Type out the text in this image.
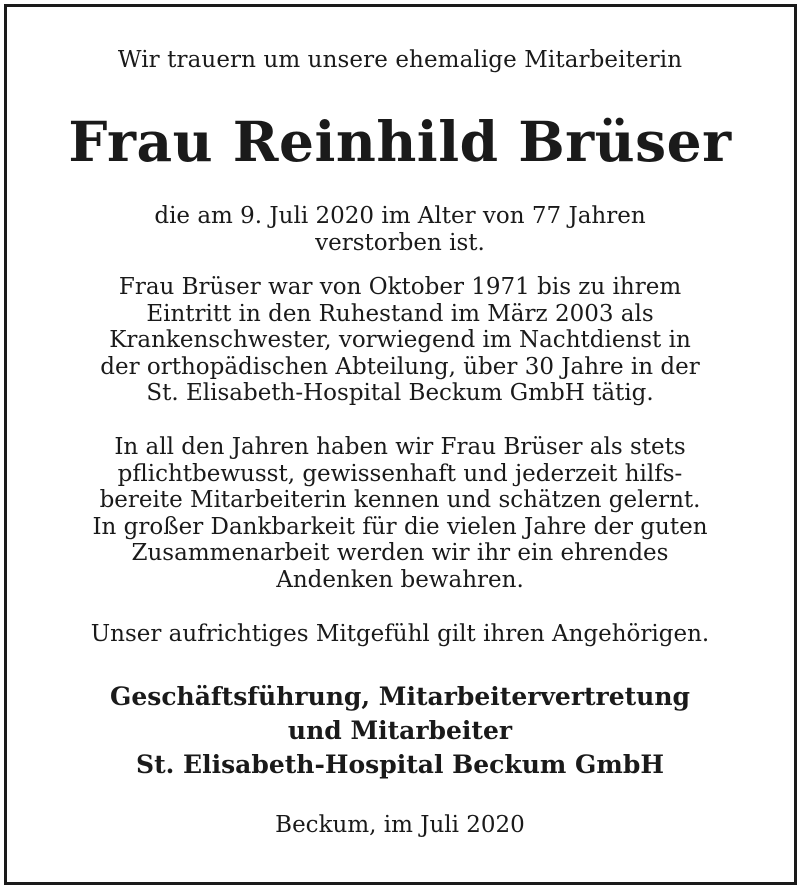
Wir trauern um unsere ehemalige Mitarbeiterin
Frau Reinhild Brüser
die am 9. Juli 2020 im Alter von 77 Jahren
verstorben ist.
Frau Brüser war von Oktober 1971 bis zu ihrem
Eintritt in den Ruhestand im März 2003 als
Krankenschwester, vorwiegend im Nachtdienst in
der orthopädischen Abteilung, über 30 Jahre in der
St. Elisabeth-Hospital Beckum GmbH tätig.
In all den Jahren haben wir Frau Brüser als stets
pflichtbewusst, gewissenhaft und jederzeit hilfs-
bereite Mitarbeiterin kennen und schätzen gelernt.
In großer Dankbarkeit für die vielen Jahre der guten
Zusammenarbeit werden wir ihr ein ehrendes
Andenken bewahren.
Unser aufrichtiges Mitgefühl gilt ihren Angehörigen.
Geschäftsführung, Mitarbeitervertretung
und Mitarbeiter
St. Elisabeth-Hospital Beckum GmbH
Beckum, im Juli 2020
